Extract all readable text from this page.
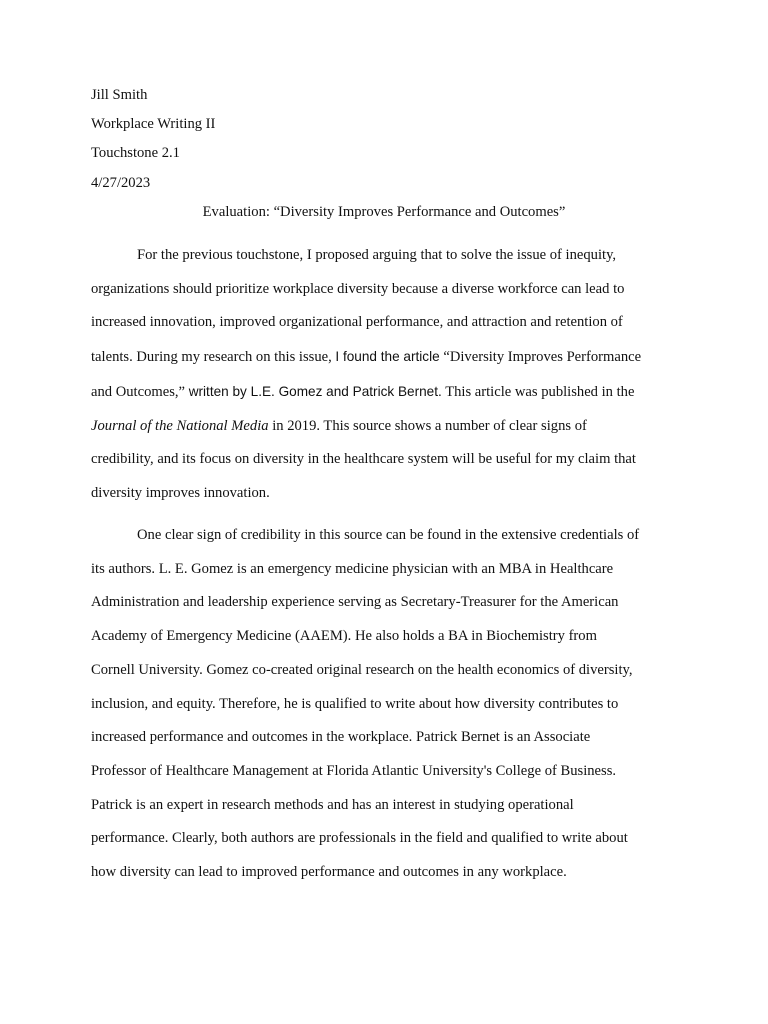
Jill Smith

Workplace Writing II

Touchstone 2.1

4/27/2023

Evaluation: “Diversity Improves Performance and Outcomes”

For the previous touchstone, I proposed arguing that to solve the issue of inequity,
organizations should prioritize workplace diversity because a diverse workforce can lead to
increased innovation, improved organizational performance, and attraction and retention of
talents. During my research on this issue, I found the article “Diversity Improves Performance
and Outcomes,” written by L.E. Gomez and Patrick Bernet. This article was published in the
Journal of the National Media in 2019. This source shows a number of clear signs of
credibility, and its focus on diversity in the healthcare system will be useful for my claim that
diversity improves innovation.
One clear sign of credibility in this source can be found in the extensive credentials of
its authors. L. E. Gomez is an emergency medicine physician with an MBA in Healthcare
Administration and leadership experience serving as Secretary-Treasurer for the American
Academy of Emergency Medicine (AAEM). He also holds a BA in Biochemistry from
Cornell University. Gomez co-created original research on the health economics of diversity,
inclusion, and equity. Therefore, he is qualified to write about how diversity contributes to
increased performance and outcomes in the workplace. Patrick Bernet is an Associate
Professor of Healthcare Management at Florida Atlantic University's College of Business.
Patrick is an expert in research methods and has an interest in studying operational
performance. Clearly, both authors are professionals in the field and qualified to write about
how diversity can lead to improved performance and outcomes in any workplace.
